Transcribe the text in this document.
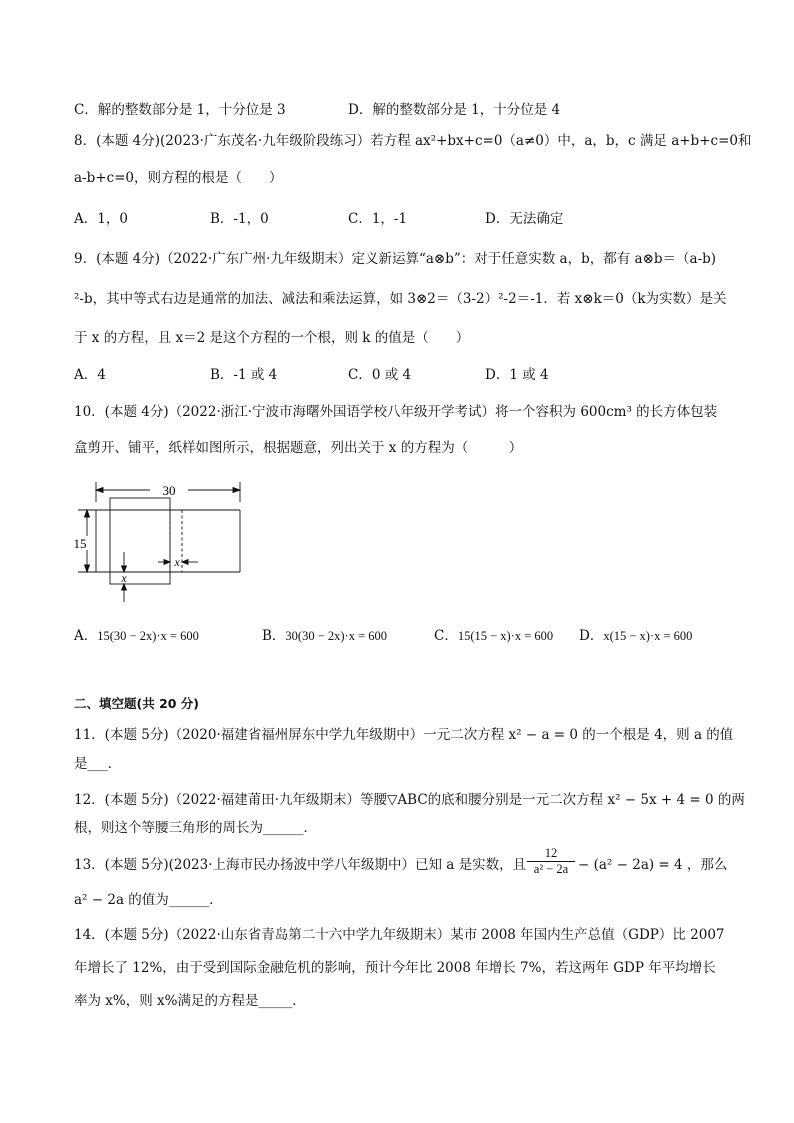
C．解的整数部分是 1，十分位是 3	D．解的整数部分是 1，十分位是 4
8．(本题 4分)(2023·广东茂名·九年级阶段练习）若方程 ax²+bx+c=0（a≠0）中，a，b，c 满足 a+b+c=0和
a-b+c=0，则方程的根是（　　）
A．1，0	B．-1，0	C．1，-1	D．无法确定
9．(本题 4分)（2022·广东广州·九年级期末）定义新运算“a⊗b”：对于任意实数 a，b，都有 a⊗b＝（a-b)
²-b，其中等式右边是通常的加法、减法和乘法运算，如 3⊗2＝（3-2）²-2＝-1．若 x⊗k＝0（k为实数）是关
于 x 的方程，且 x＝2 是这个方程的一个根，则 k 的值是（　　）
A．4	B．-1 或 4	C．0 或 4	D．1 或 4
10．(本题 4分)（2022·浙江·宁波市海曙外国语学校八年级开学考试）将一个容积为 600cm³ 的长方体包装
盒剪开、铺平，纸样如图所示，根据题意，列出关于 x 的方程为（　　　）
30
15
x
x
A．15(30 − 2x)·x = 600	B．30(30 − 2x)·x = 600	C．15(15 − x)·x = 600 D．x(15 − x)·x = 600
二、填空题(共 20 分)
11．(本题 5分)（2020·福建省福州屏东中学九年级期中）一元二次方程 x² − a = 0 的一个根是 4，则 a 的值
是___．
12．(本题 5分)（2022·福建莆田·九年级期末）等腰▽ABC的底和腰分别是一元二次方程 x² − 5x + 4 = 0 的两
根，则这个等腰三角形的周长为______．
13．(本题 5分)(2023·上海市民办扬波中学八年级期中）已知 a 是实数，且 $\frac{12}{\text{a² − 2a}} - (a^2 - 2a) = 4$ ，那么
a² − 2a 的值为______．
14．(本题 5分)（2022·山东省青岛第二十六中学九年级期末）某市 2008 年国内生产总值（GDP）比 2007
年增长了 12%，由于受到国际金融危机的影响，预计今年比 2008 年增长 7%，若这两年 GDP 年平均增长
率为 x%，则 x%满足的方程是_____．
